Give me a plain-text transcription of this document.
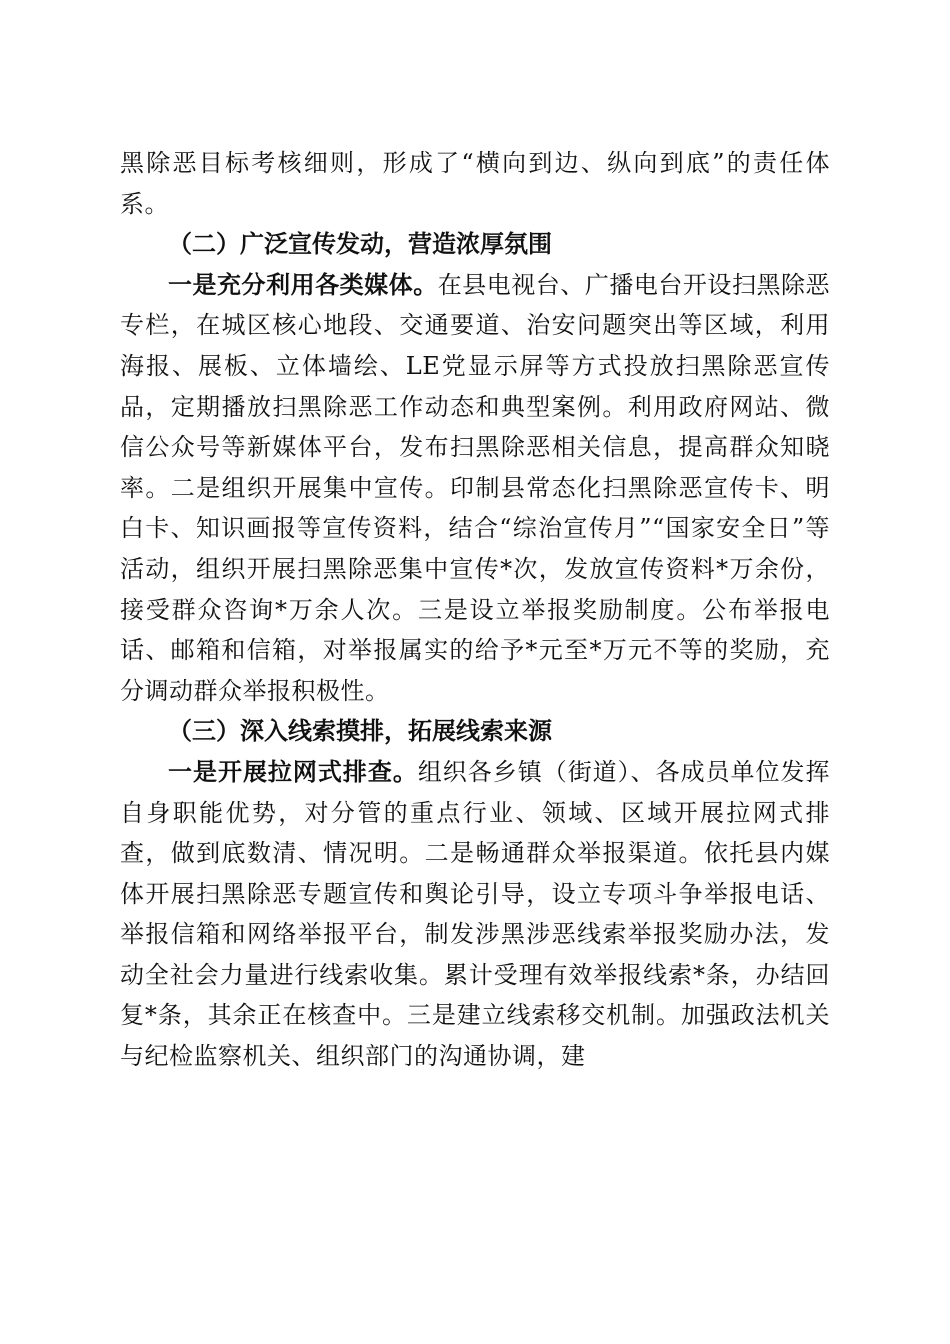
黑除恶目标考核细则，形成了“横向到边、纵向到底”的责任体系。

（二）广泛宣传发动，营造浓厚氛围

一是充分利用各类媒体。在县电视台、广播电台开设扫黑除恶专栏，在城区核心地段、交通要道、治安问题突出等区域，利用海报、展板、立体墙绘、LE党显示屏等方式投放扫黑除恶宣传品，定期播放扫黑除恶工作动态和典型案例。利用政府网站、微信公众号等新媒体平台，发布扫黑除恶相关信息，提高群众知晓率。二是组织开展集中宣传。印制县常态化扫黑除恶宣传卡、明白卡、知识画报等宣传资料，结合“综治宣传月”“国家安全日”等活动，组织开展扫黑除恶集中宣传*次，发放宣传资料*万余份，接受群众咨询*万余人次。三是设立举报奖励制度。公布举报电话、邮箱和信箱，对举报属实的给予*元至*万元不等的奖励，充分调动群众举报积极性。

（三）深入线索摸排，拓展线索来源

一是开展拉网式排查。组织各乡镇（街道）、各成员单位发挥自身职能优势，对分管的重点行业、领域、区域开展拉网式排查，做到底数清、情况明。二是畅通群众举报渠道。依托县内媒体开展扫黑除恶专题宣传和舆论引导，设立专项斗争举报电话、举报信箱和网络举报平台，制发涉黑涉恶线索举报奖励办法，发动全社会力量进行线索收集。累计受理有效举报线索*条，办结回复*条，其余正在核查中。三是建立线索移交机制。加强政法机关与纪检监察机关、组织部门的沟通协调，建
